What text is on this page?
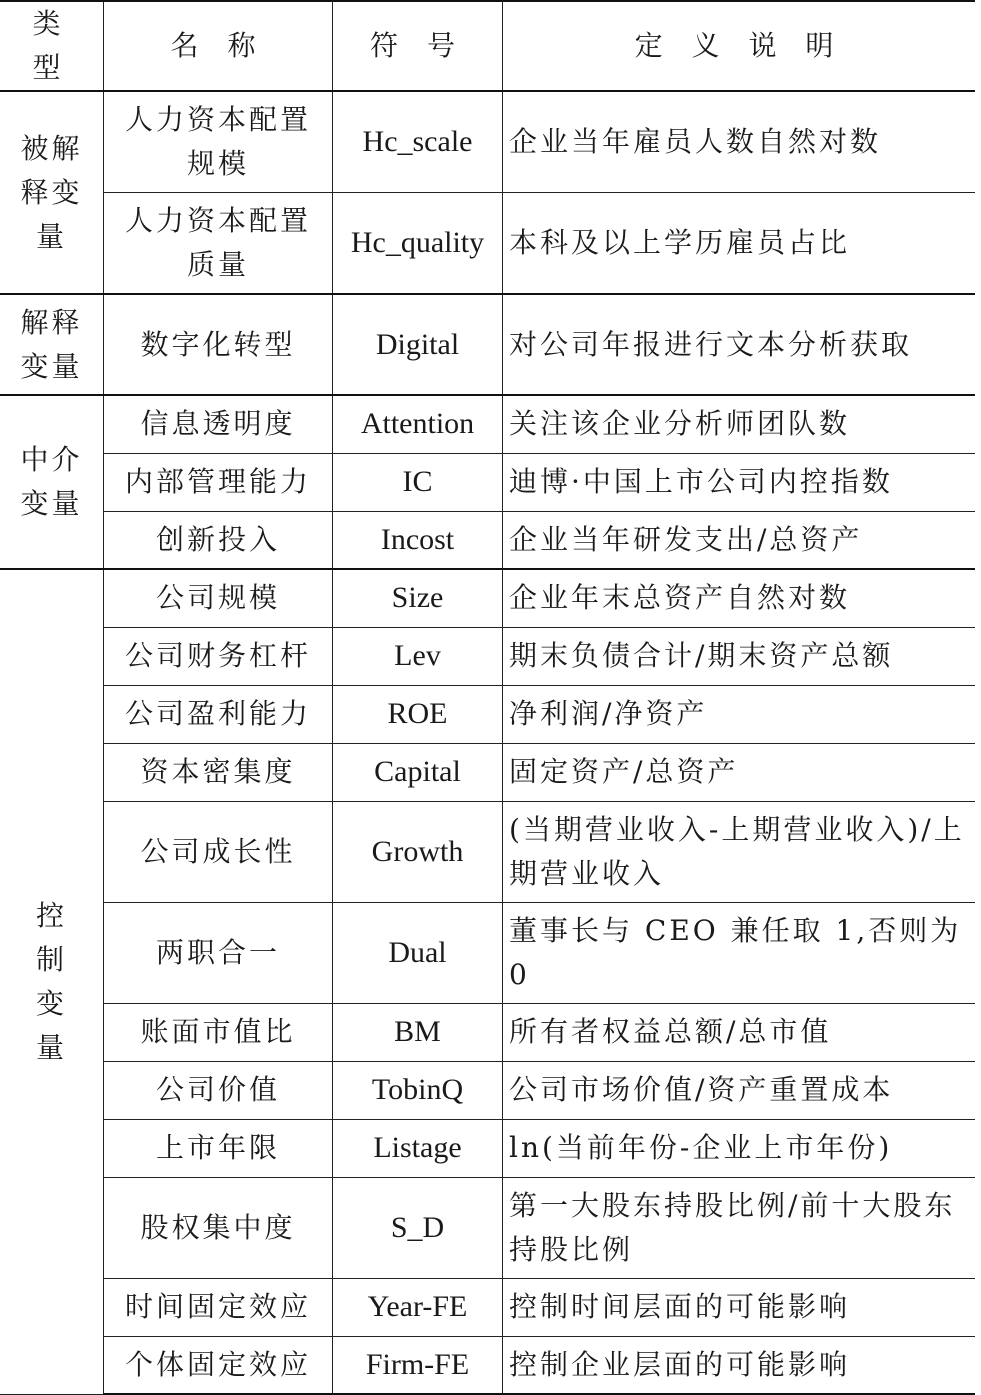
类 型	名 称	符 号	定 义 说 明
被解释变量	人力资本配置规模	Hc_scale	企业当年雇员人数自然对数
	人力资本配置质量	Hc_quality	本科及以上学历雇员占比
解释变量	数字化转型	Digital	对公司年报进行文本分析获取
中介变量	信息透明度	Attention	关注该企业分析师团队数
	内部管理能力	IC	迪博·中国上市公司内控指数
	创新投入	Incost	企业当年研发支出/总资产
控制变量	公司规模	Size	企业年末总资产自然对数
	公司财务杠杆	Lev	期末负债合计/期末资产总额
	公司盈利能力	ROE	净利润/净资产
	资本密集度	Capital	固定资产/总资产
	公司成长性	Growth	(当期营业收入-上期营业收入)/上期营业收入
	两职合一	Dual	董事长与 CEO 兼任取 1,否则为 0
	账面市值比	BM	所有者权益总额/总市值
	公司价值	TobinQ	公司市场价值/资产重置成本
	上市年限	Listage	ln(当前年份-企业上市年份)
	股权集中度	S_D	第一大股东持股比例/前十大股东持股比例
	时间固定效应	Year-FE	控制时间层面的可能影响
	个体固定效应	Firm-FE	控制企业层面的可能影响
